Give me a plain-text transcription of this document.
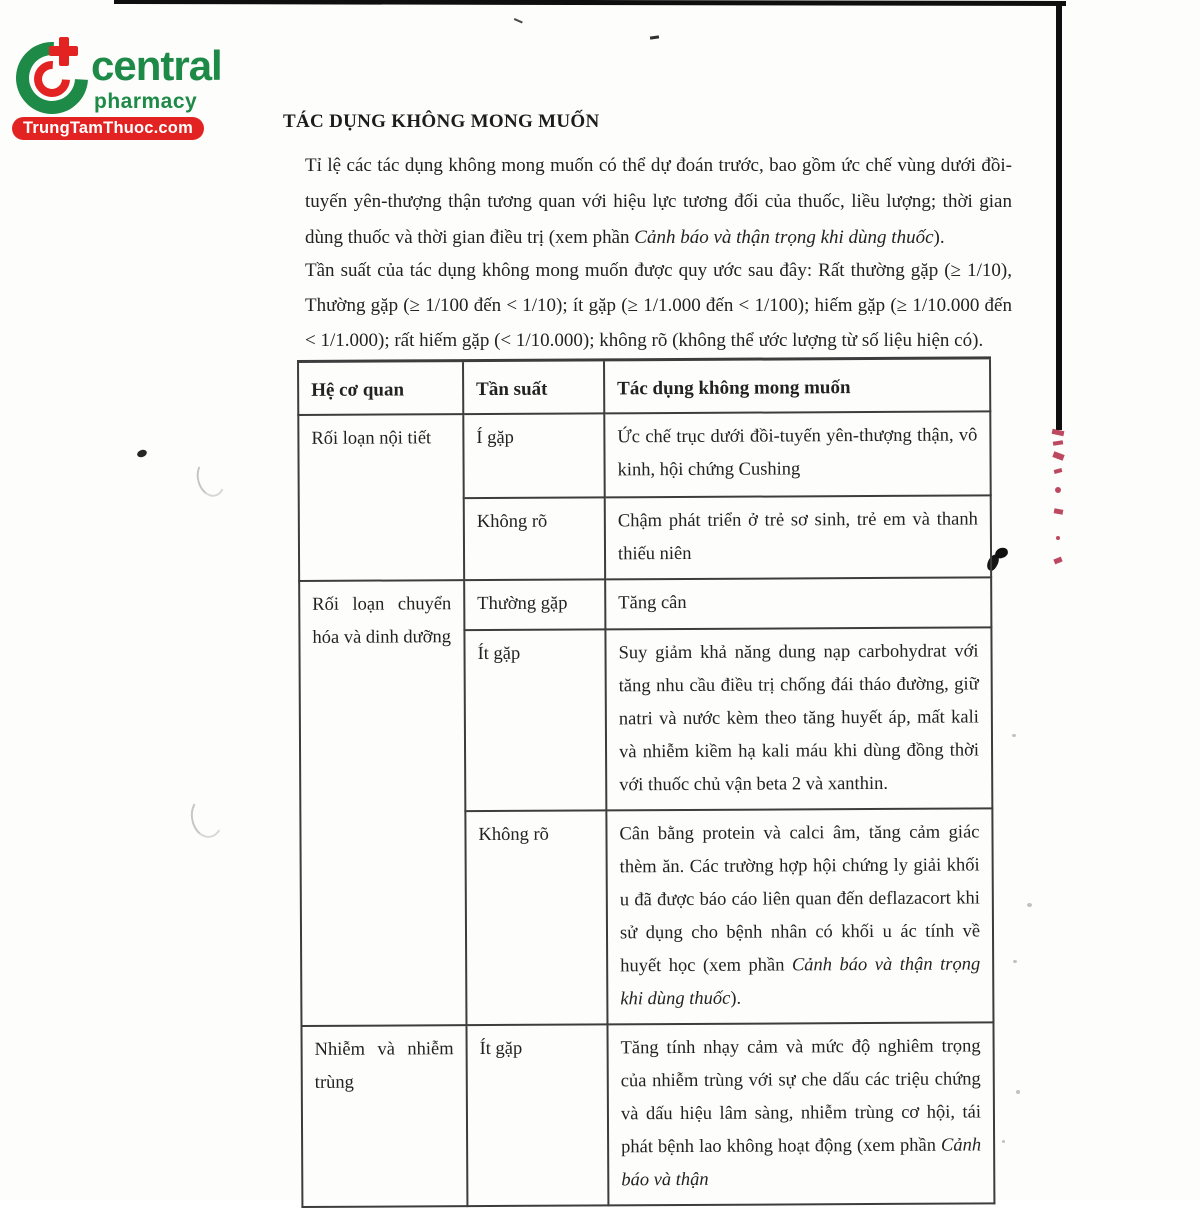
central
pharmacy
TrungTamThuoc.com	TÁC DỤNG KHÔNG MONG MUỐN

Tỉ lệ các tác dụng không mong muốn có thể dự đoán trước, bao gồm ức chế vùng dưới đồi-tuyến yên-thượng thận tương quan với hiệu lực tương đối của thuốc, liều lượng; thời gian dùng thuốc và thời gian điều trị (xem phần Cảnh báo và thận trọng khi dùng thuốc).

Tần suất của tác dụng không mong muốn được quy ước sau đây: Rất thường gặp (≥ 1/10), Thường gặp (≥ 1/100 đến < 1/10); ít gặp (≥ 1/1.000 đến < 1/100); hiếm gặp (≥ 1/10.000 đến < 1/1.000); rất hiếm gặp (< 1/10.000); không rõ (không thể ước lượng từ số liệu hiện có).

Hệ cơ quan	Tần suất	Tác dụng không mong muốn
Rối loạn nội tiết	Í gặp	Ức chế trục dưới đồi-tuyến yên-thượng thận, vô kinh, hội chứng Cushing
	Không rõ	Chậm phát triển ở trẻ sơ sinh, trẻ em và thanh thiếu niên
Rối loạn chuyển hóa và dinh dưỡng	Thường gặp	Tăng cân
	Ít gặp	Suy giảm khả năng dung nạp carbohydrat với tăng nhu cầu điều trị chống đái tháo đường, giữ natri và nước kèm theo tăng huyết áp, mất kali và nhiễm kiềm hạ kali máu khi dùng đồng thời với thuốc chủ vận beta 2 và xanthin.
	Không rõ	Cân bằng protein và calci âm, tăng cảm giác thèm ăn. Các trường hợp hội chứng ly giải khối u đã được báo cáo liên quan đến deflazacort khi sử dụng cho bệnh nhân có khối u ác tính về huyết học (xem phần Cảnh báo và thận trọng khi dùng thuốc).
Nhiễm và nhiễm trùng	Ít gặp	Tăng tính nhạy cảm và mức độ nghiêm trọng của nhiễm trùng với sự che dấu các triệu chứng và dấu hiệu lâm sàng, nhiễm trùng cơ hội, tái phát bệnh lao không hoạt động (xem phần Cảnh báo và thận
